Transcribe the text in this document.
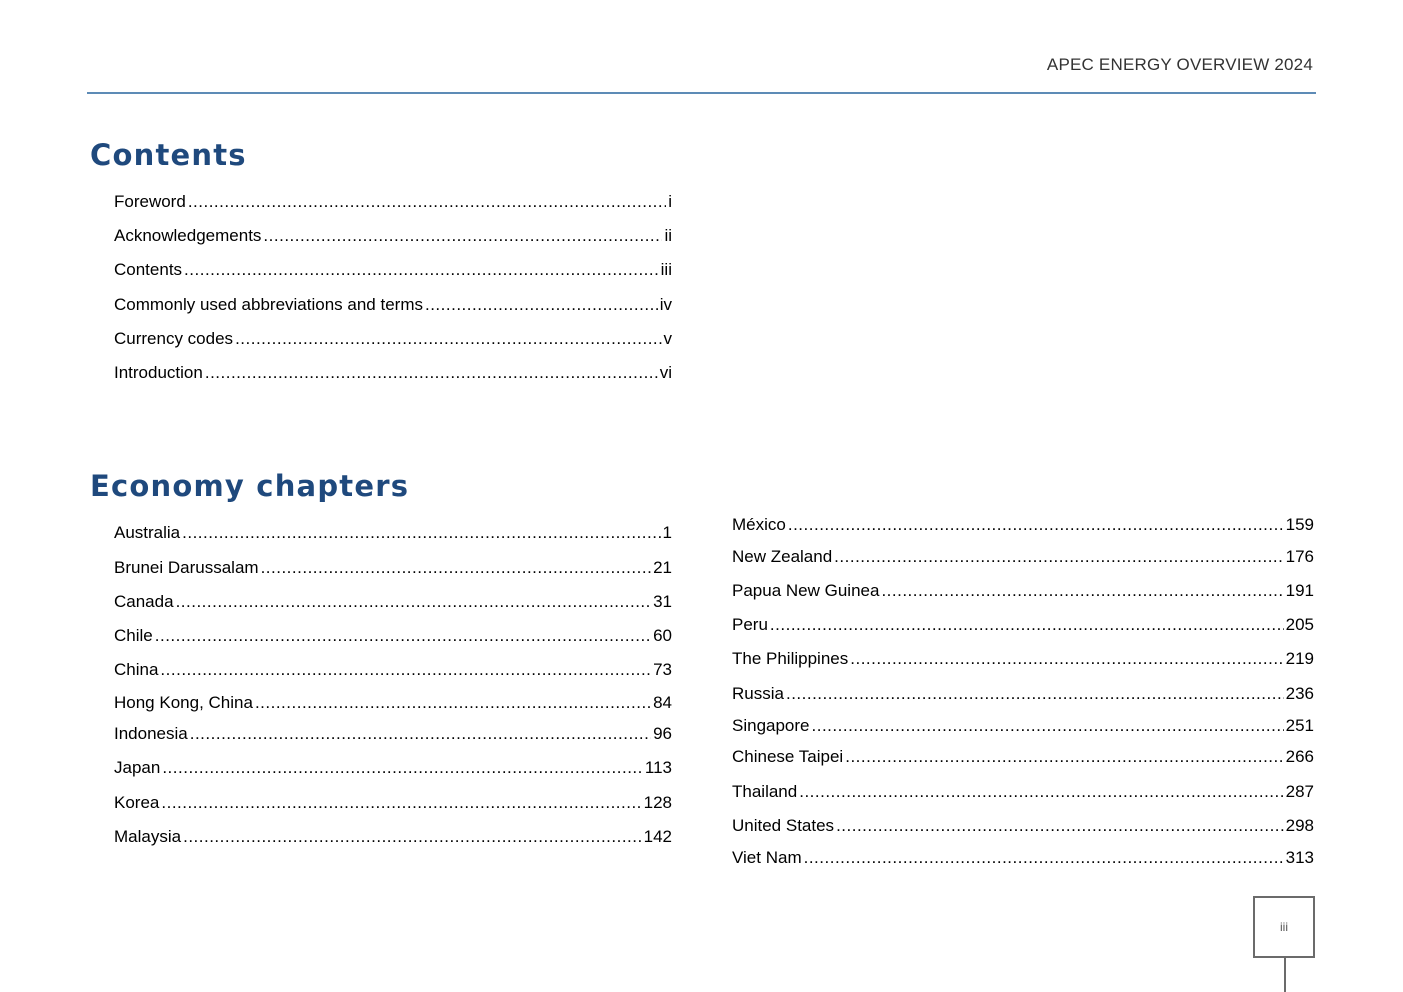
APEC ENERGY OVERVIEW 2024
Contents
Foreword .....	i
Acknowledgements .....	ii
Contents .....	iii
Commonly used abbreviations and terms .....	iv
Currency codes .....	v
Introduction .....	vi
Economy chapters
Australia .....	1
Brunei Darussalam .....	21
Canada .....	31
Chile .....	60
China .....	73
Hong Kong, China .....	84
Indonesia .....	96
Japan .....	113
Korea .....	128
Malaysia .....	142
México .....	159
New Zealand .....	176
Papua New Guinea .....	191
Peru .....	205
The Philippines .....	219
Russia .....	236
Singapore .....	251
Chinese Taipei .....	266
Thailand .....	287
United States .....	298
Viet Nam .....	313
iii
